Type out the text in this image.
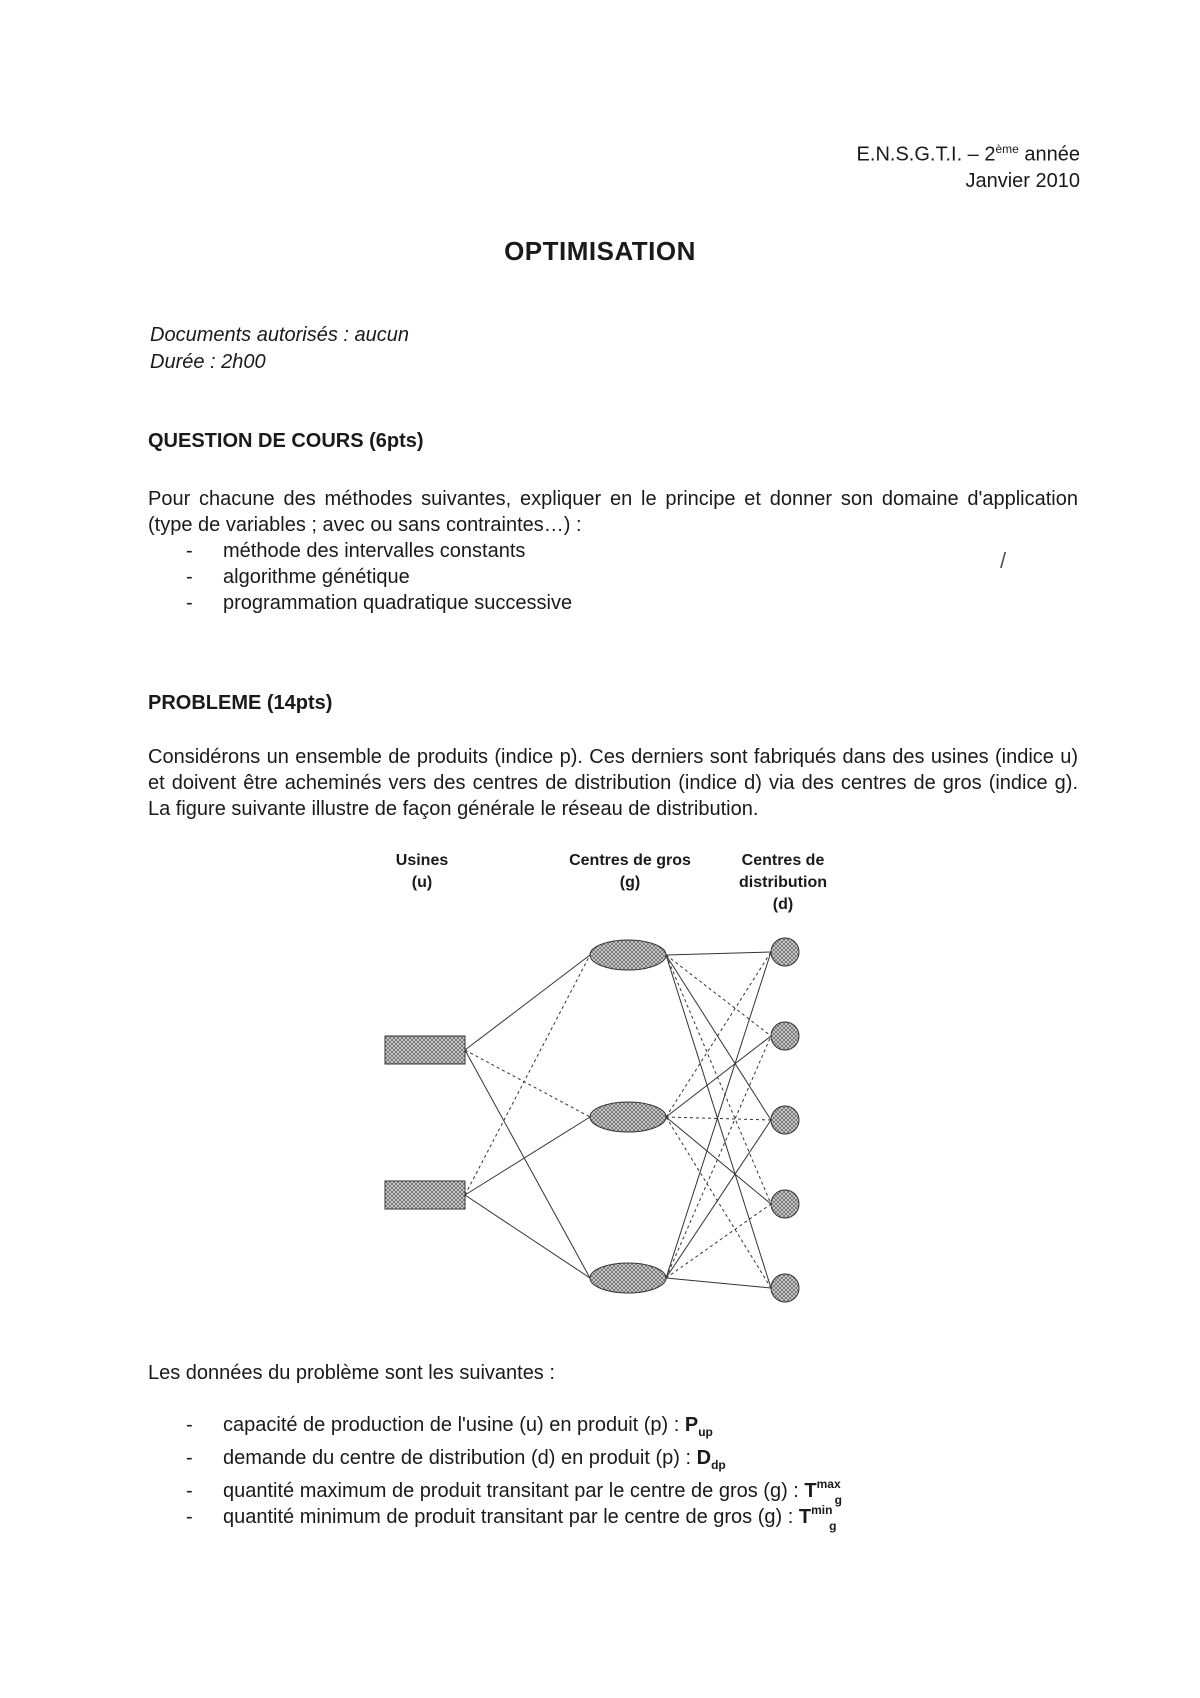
E.N.S.G.T.I. – 2ème année
Janvier 2010
OPTIMISATION
Documents autorisés : aucun
Durée : 2h00
QUESTION DE COURS (6pts)
Pour chacune des méthodes suivantes, expliquer en le principe et donner son domaine d'application (type de variables ; avec ou sans contraintes…) :
- méthode des intervalles constants
- algorithme génétique
- programmation quadratique successive
/
PROBLEME (14pts)
Considérons un ensemble de produits (indice p). Ces derniers sont fabriqués dans des usines (indice u) et doivent être acheminés vers des centres de distribution (indice d) via des centres de gros (indice g). La figure suivante illustre de façon générale le réseau de distribution.
Usines
(u)
Centres de gros
(g)
Centres de
distribution
(d)
Les données du problème sont les suivantes :
- capacité de production de l'usine (u) en produit (p) : $P_{up}$
- demande du centre de distribution (d) en produit (p) : $D_{dp}$
- quantité maximum de produit transitant par le centre de gros (g) : T max
g
- quantité minimum de produit transitant par le centre de gros (g) : T min
g
